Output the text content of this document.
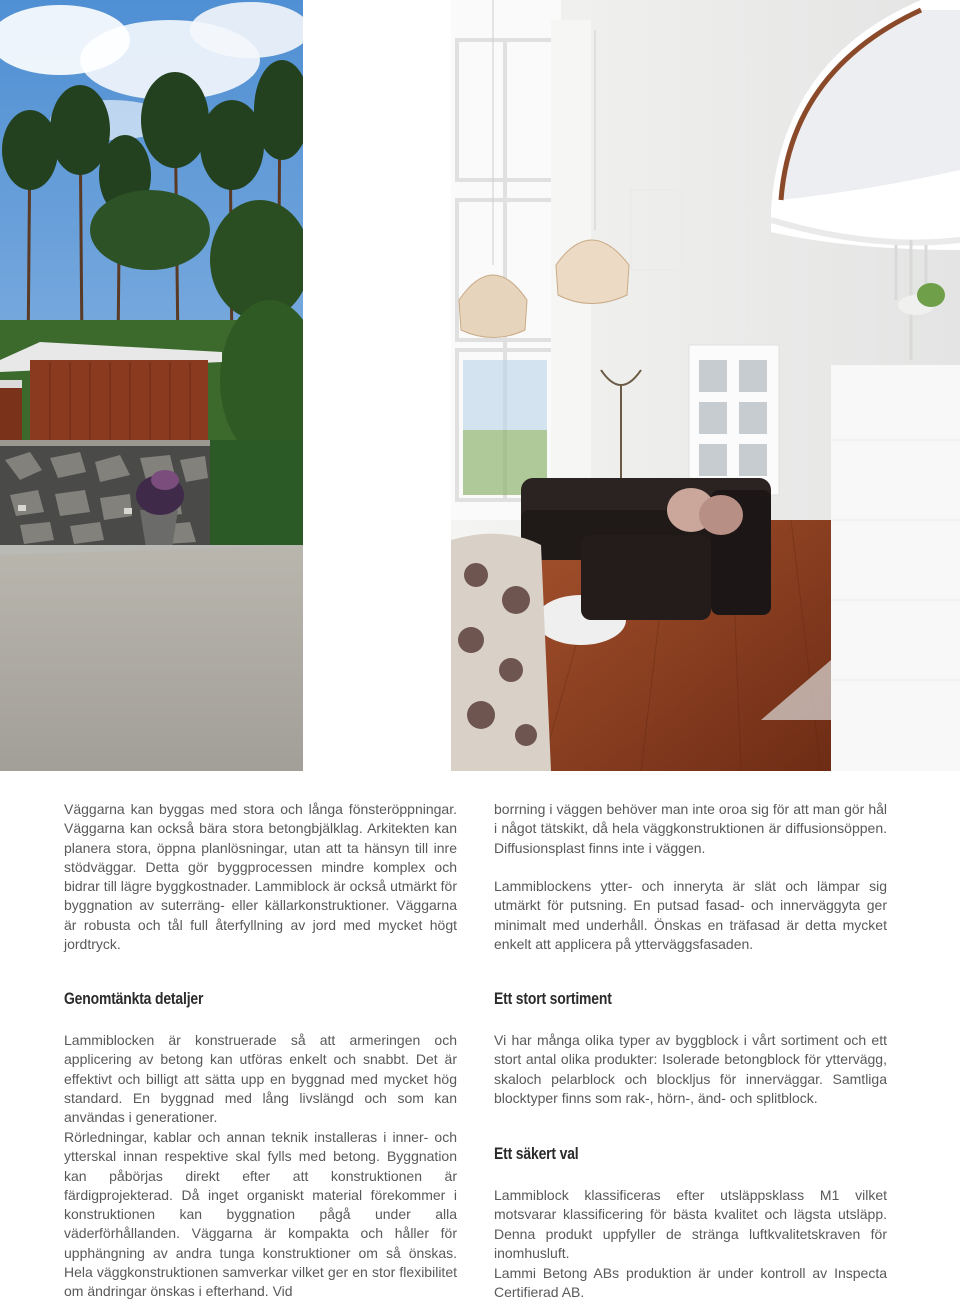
Väggarna kan byggas med stora och långa fönsteröppningar. Väggarna kan också bära stora betongbjälklag. Arkitekten kan planera stora, öppna planlösningar, utan att ta hänsyn till inre stödväggar. Detta gör byggprocessen mindre komplex och bidrar till lägre byggkostnader. Lammiblock är också utmärkt för byggnation av suterräng- eller källarkonstruktioner. Väggarna är robusta och tål full återfyllning av jord med mycket högt jordtryck.

Genomtänkta detaljer

Lammiblocken är konstruerade så att armeringen och applicering av betong kan utföras enkelt och snabbt. Det är effektivt och billigt att sätta upp en byggnad med mycket hög standard. En byggnad med lång livslängd och som kan användas i generationer.

Rörledningar, kablar och annan teknik installeras i inner- och ytterskal innan respektive skal fylls med betong. Byggnation kan påbörjas direkt efter att konstruktionen är färdigprojekterad. Då inget organiskt material förekommer i konstruktionen kan byggnation pågå under alla väderförhållanden. Väggarna är kompakta och håller för upphängning av andra tunga konstruktioner om så önskas. Hela väggkonstruktionen samverkar vilket ger en stor flexibilitet om ändringar önskas i efterhand. Vid

borrning i väggen behöver man inte oroa sig för att man gör hål i något tätskikt, då hela väggkonstruktionen är diffusionsöppen. Diffusionsplast finns inte i väggen.

Lammiblockens ytter- och inneryta är slät och lämpar sig utmärkt för putsning. En putsad fasad- och innerväggyta ger minimalt med underhåll. Önskas en träfasad är detta mycket enkelt att applicera på ytterväggsfasaden.

Ett stort sortiment

Vi har många olika typer av byggblock i vårt sortiment och ett stort antal olika produkter: Isolerade betongblock för yttervägg, skaloch pelarblock och blockljus för innerväggar. Samtliga blocktyper finns som rak-, hörn-, änd- och splitblock.

Ett säkert val

Lammiblock klassificeras efter utsläppsklass M1 vilket motsvarar klassificering för bästa kvalitet och lägsta utsläpp. Denna produkt uppfyller de stränga luftkvalitetskraven för inomhusluft.

Lammi Betong ABs produktion är under kontroll av Inspecta Certifierad AB.
